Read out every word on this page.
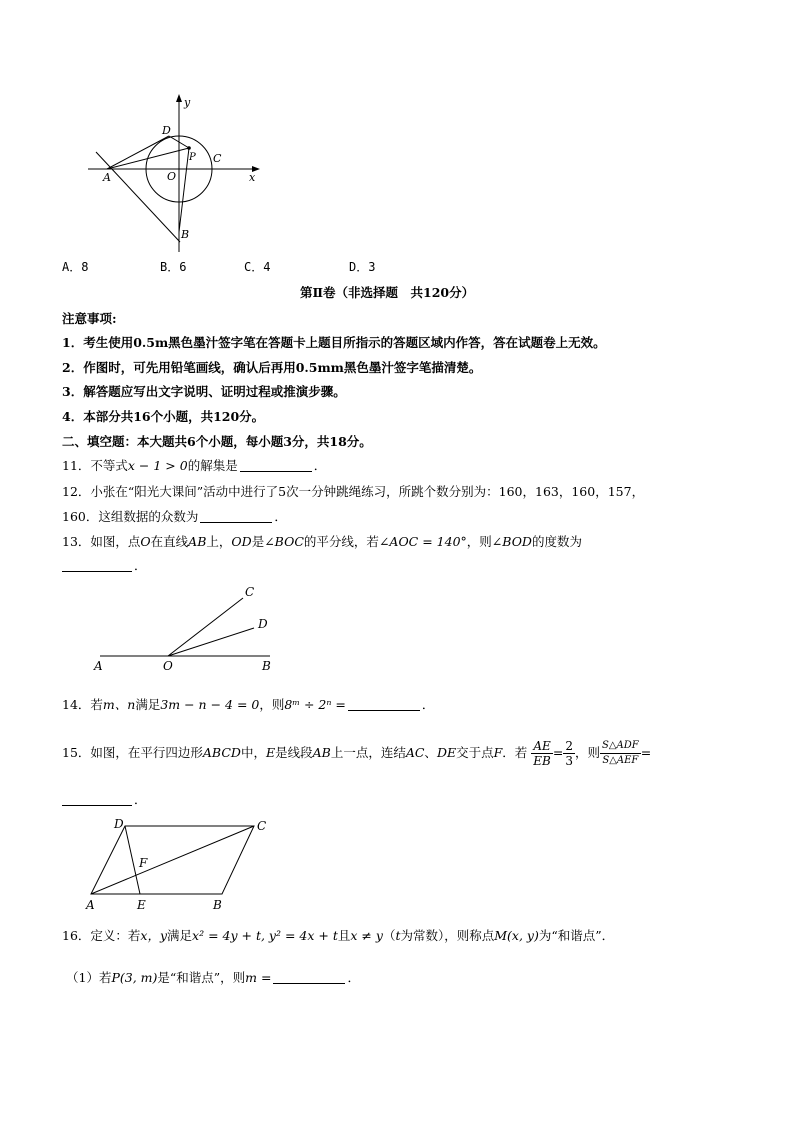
y
D
P C
A	O	x
B
A．8	B．6	C．4	D．3
第Ⅱ卷（非选择题　共120分）
注意事项:
1．考生使用0.5m黑色墨汁签字笔在答题卡上题目所指示的答题区域内作答，答在试题卷上无效。
2．作图时，可先用铅笔画线，确认后再用0.5mm黑色墨汁签字笔描清楚。
3．解答题应写出文字说明、证明过程或推演步骤。
4．本部分共16个小题，共120分。
二、填空题：本大题共6个小题，每小题3分，共18分。
11．不等式x − 1 > 0的解集是	．
12．小张在“阳光大课间”活动中进行了5次一分钟跳绳练习，所跳个数分别为：160，163，160，157，
160．这组数据的众数为	．
13．如图，点O在直线AB上，OD是∠BOC的平分线，若∠AOC = 140°，则∠BOD的度数为
．
C
D
A	O	B
14．若m、n满足3m − n − 4 = 0，则8ᵐ ÷ 2ⁿ =	．
15．如图，在平行四边形ABCD中，E是线段AB上一点，连结AC、DE交于点F．若 $\frac{AE}{EB} = \frac{2}{3}$ ，则 $\frac{\text{S△ADF}}{\text{S△AEF}}$ =
．
D	C
F
A	E	B
16．定义：若x，y满足x² = 4y + t, y² = 4x + t且x ≠ y（t为常数），则称点M(x, y)为“和谐点”．
（1）若P(3, m)是“和谐点”，则m =	．
